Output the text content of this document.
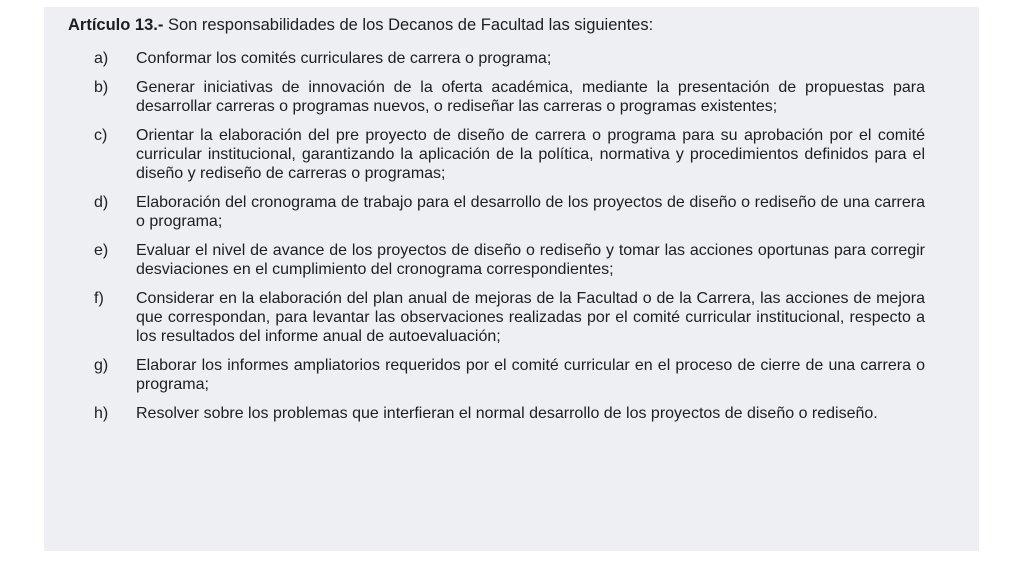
Artículo 13.- Son responsabilidades de los Decanos de Facultad las siguientes:
a)	Conformar los comités curriculares de carrera o programa;
b)	Generar iniciativas de innovación de la oferta académica, mediante la presentación de propuestas para desarrollar carreras o programas nuevos, o rediseñar las carreras o programas existentes;
c)	Orientar la elaboración del pre proyecto de diseño de carrera o programa para su aprobación por el comité curricular institucional, garantizando la aplicación de la política, normativa y procedimientos definidos para el diseño y rediseño de carreras o programas;
d)	Elaboración del cronograma de trabajo para el desarrollo de los proyectos de diseño o rediseño de una carrera o programa;
e)	Evaluar el nivel de avance de los proyectos de diseño o rediseño y tomar las acciones oportunas para corregir desviaciones en el cumplimiento del cronograma correspondientes;
f)	Considerar en la elaboración del plan anual de mejoras de la Facultad o de la Carrera, las acciones de mejora que correspondan, para levantar las observaciones realizadas por el comité curricular institucional, respecto a los resultados del informe anual de autoevaluación;
g)	Elaborar los informes ampliatorios requeridos por el comité curricular en el proceso de cierre de una carrera o programa;
h)	Resolver sobre los problemas que interfieran el normal desarrollo de los proyectos de diseño o rediseño.
